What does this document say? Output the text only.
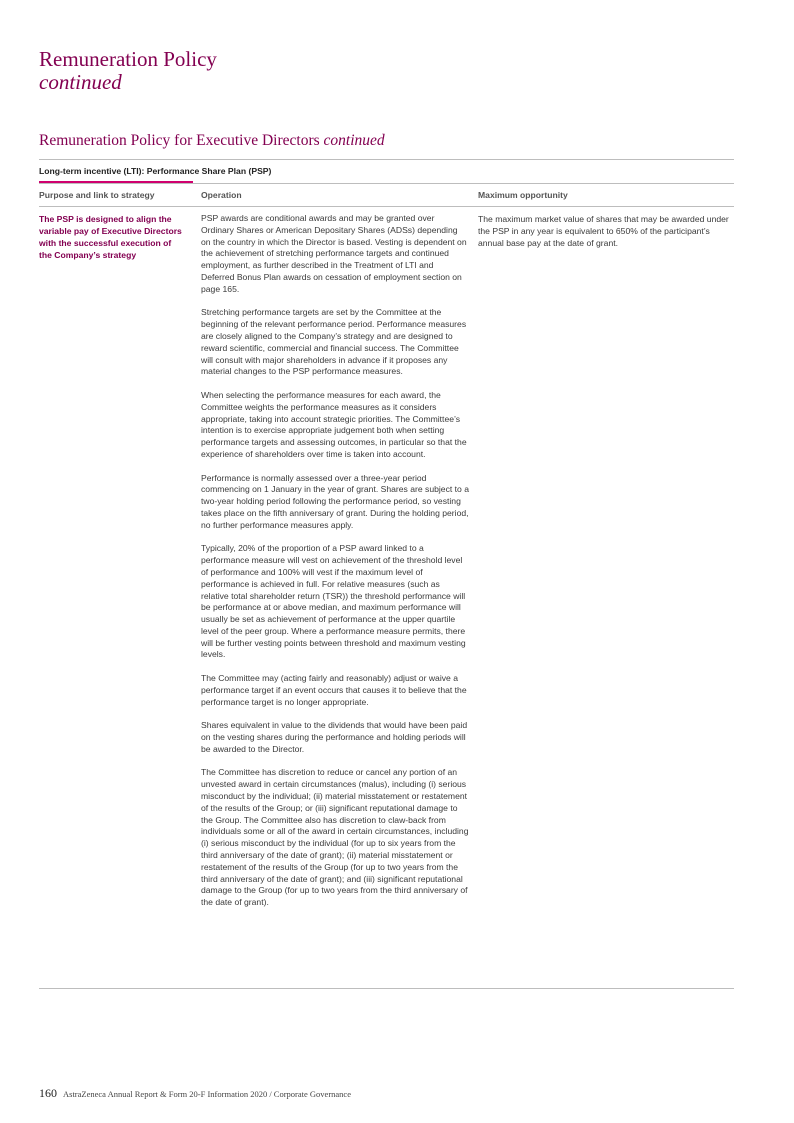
Remuneration Policy
continued
Remuneration Policy for Executive Directors continued
Long-term incentive (LTI): Performance Share Plan (PSP)
Purpose and link to strategy	Operation	Maximum opportunity
The PSP is designed to align the variable pay of Executive Directors with the successful execution of the Company’s strategy

PSP awards are conditional awards and may be granted over Ordinary Shares or American Depositary Shares (ADSs) depending on the country in which the Director is based. Vesting is dependent on the achievement of stretching performance targets and continued employment, as further described in the Treatment of LTI and Deferred Bonus Plan awards on cessation of employment section on page 165.

Stretching performance targets are set by the Committee at the beginning of the relevant performance period. Performance measures are closely aligned to the Company’s strategy and are designed to reward scientific, commercial and financial success. The Committee will consult with major shareholders in advance if it proposes any material changes to the PSP performance measures.

When selecting the performance measures for each award, the Committee weights the performance measures as it considers appropriate, taking into account strategic priorities. The Committee’s intention is to exercise appropriate judgement both when setting performance targets and assessing outcomes, in particular so that the experience of shareholders over time is taken into account.

Performance is normally assessed over a three-year period commencing on 1 January in the year of grant. Shares are subject to a two-year holding period following the performance period, so vesting takes place on the fifth anniversary of grant. During the holding period, no further performance measures apply.

Typically, 20% of the proportion of a PSP award linked to a performance measure will vest on achievement of the threshold level of performance and 100% will vest if the maximum level of performance is achieved in full. For relative measures (such as relative total shareholder return (TSR)) the threshold performance will be performance at or above median, and maximum performance will usually be set as achievement of performance at the upper quartile level of the peer group. Where a performance measure permits, there will be further vesting points between threshold and maximum vesting levels.

The Committee may (acting fairly and reasonably) adjust or waive a performance target if an event occurs that causes it to believe that the performance target is no longer appropriate.

Shares equivalent in value to the dividends that would have been paid on the vesting shares during the performance and holding periods will be awarded to the Director.

The Committee has discretion to reduce or cancel any portion of an unvested award in certain circumstances (malus), including (i) serious misconduct by the individual; (ii) material misstatement or restatement of the results of the Group; or (iii) significant reputational damage to the Group. The Committee also has discretion to claw-back from individuals some or all of the award in certain circumstances, including (i) serious misconduct by the individual (for up to six years from the third anniversary of the date of grant); (ii) material misstatement or restatement of the results of the Group (for up to two years from the third anniversary of the date of grant); and (iii) significant reputational damage to the Group (for up to two years from the third anniversary of the date of grant).

The maximum market value of shares that may be awarded under the PSP in any year is equivalent to 650% of the participant’s annual base pay at the date of grant.
160 AstraZeneca Annual Report & Form 20-F Information 2020 / Corporate Governance
